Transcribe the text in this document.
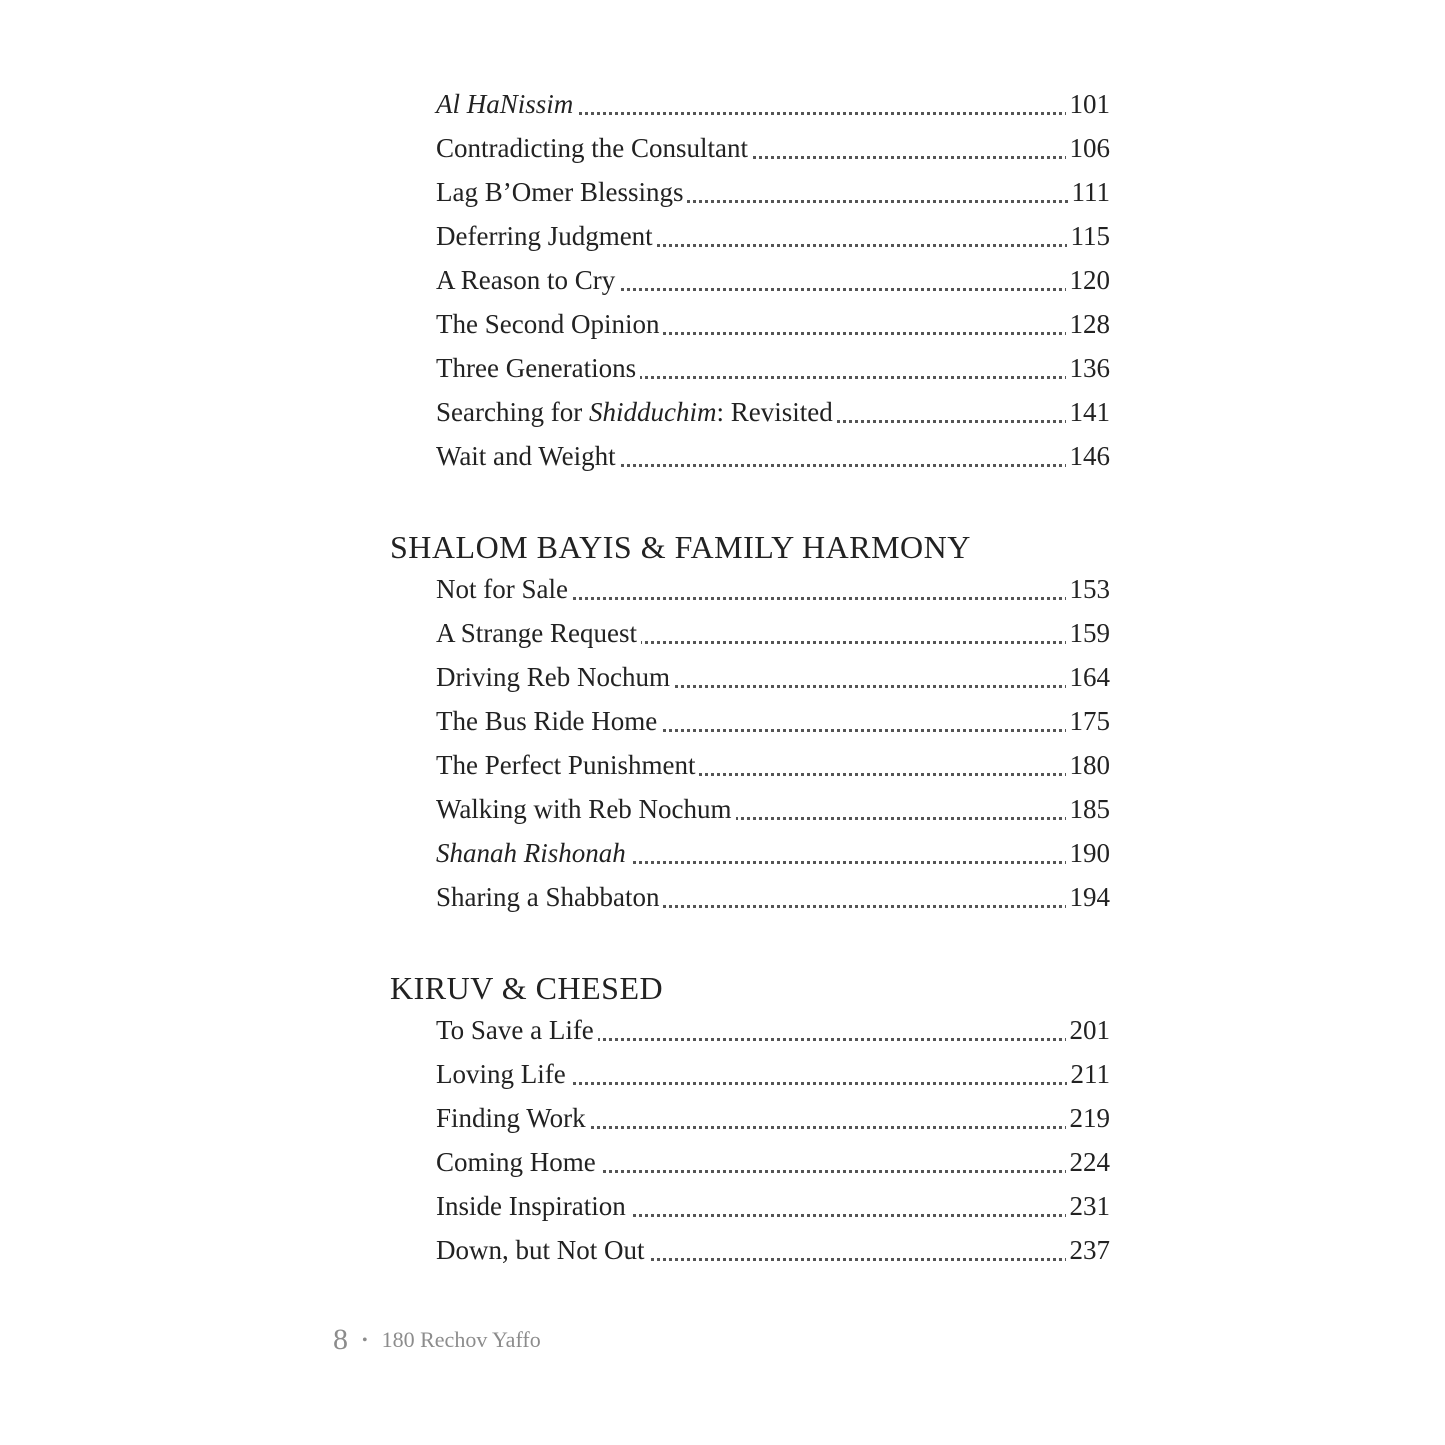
Al HaNissim	101
Contradicting the Consultant	106
Lag B’Omer Blessings	111
Deferring Judgment	115
A Reason to Cry	120
The Second Opinion	128
Three Generations	136
Searching for Shidduchim: Revisited	141
Wait and Weight	146
SHALOM BAYIS & FAMILY HARMONY
Not for Sale	153
A Strange Request	159
Driving Reb Nochum	164
The Bus Ride Home	175
The Perfect Punishment	180
Walking with Reb Nochum	185
Shanah Rishonah	190
Sharing a Shabbaton	194
KIRUV & CHESED
To Save a Life	201
Loving Life	211
Finding Work	219
Coming Home	224
Inside Inspiration	231
Down, but Not Out	237
8 • 180 Rechov Yaffo
